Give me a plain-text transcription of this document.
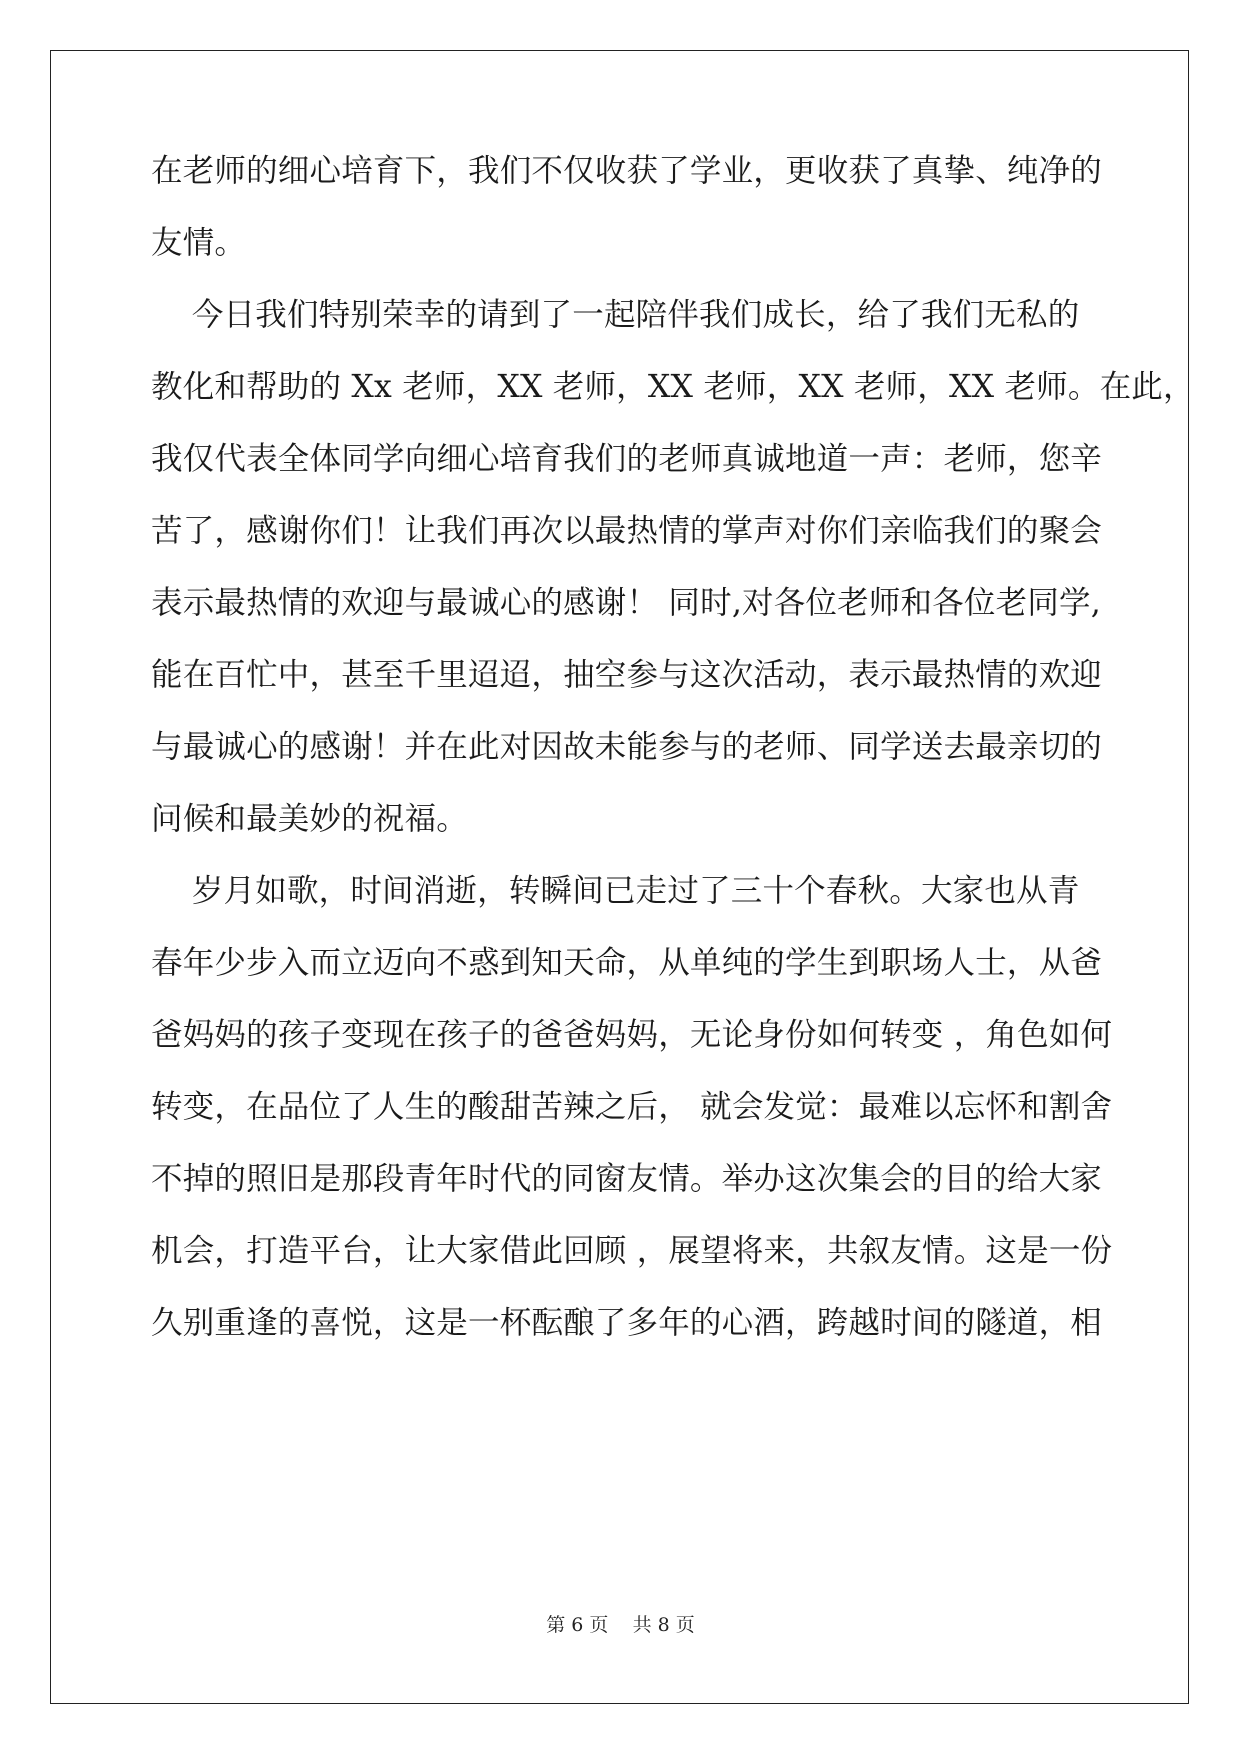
在老师的细心培育下，我们不仅收获了学业，更收获了真挚、纯净的
友情。
今日我们特别荣幸的请到了一起陪伴我们成长，给了我们无私的
教化和帮助的 Xx 老师，XX 老师，XX 老师，XX 老师，XX 老师。在此，
我仅代表全体同学向细心培育我们的老师真诚地道一声：老师，您辛
苦了，感谢你们！让我们再次以最热情的掌声对你们亲临我们的聚会
表示最热情的欢迎与最诚心的感谢！ 同时,对各位老师和各位老同学,
能在百忙中，甚至千里迢迢，抽空参与这次活动，表示最热情的欢迎
与最诚心的感谢！并在此对因故未能参与的老师、同学送去最亲切的
问候和最美妙的祝福。
岁月如歌，时间消逝，转瞬间已走过了三十个春秋。大家也从青
春年少步入而立迈向不惑到知天命，从单纯的学生到职场人士，从爸
爸妈妈的孩子变现在孩子的爸爸妈妈，无论身份如何转变 ，角色如何
转变，在品位了人生的酸甜苦辣之后， 就会发觉：最难以忘怀和割舍
不掉的照旧是那段青年时代的同窗友情。举办这次集会的目的给大家
机会，打造平台，让大家借此回顾 ，展望将来，共叙友情。这是一份
久别重逢的喜悦，这是一杯酝酿了多年的心酒，跨越时间的隧道，相
第 6 页    共 8 页
